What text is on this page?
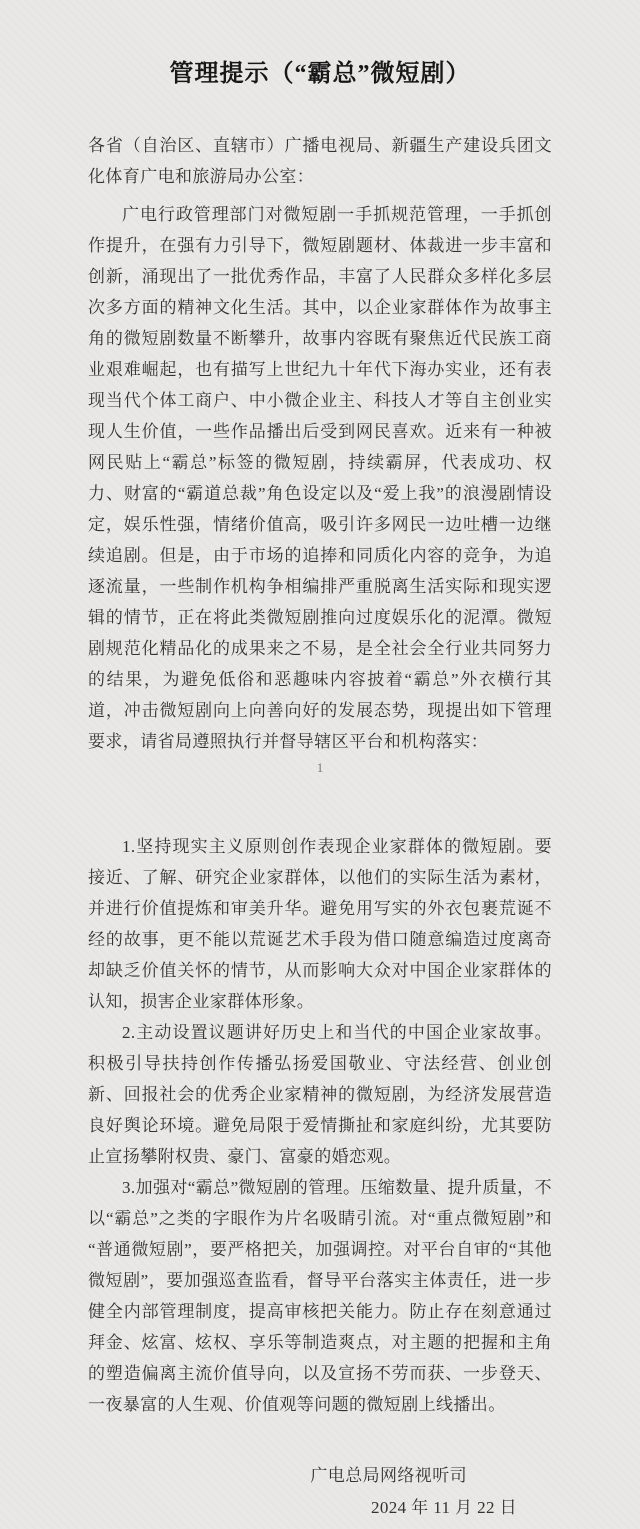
管理提示（“霸总”微短剧）

各省（自治区、直辖市）广播电视局、新疆生产建设兵团文化体育广电和旅游局办公室：

广电行政管理部门对微短剧一手抓规范管理，一手抓创作提升，在强有力引导下，微短剧题材、体裁进一步丰富和创新，涌现出了一批优秀作品，丰富了人民群众多样化多层次多方面的精神文化生活。其中，以企业家群体作为故事主角的微短剧数量不断攀升，故事内容既有聚焦近代民族工商业艰难崛起，也有描写上世纪九十年代下海办实业，还有表现当代个体工商户、中小微企业主、科技人才等自主创业实现人生价值，一些作品播出后受到网民喜欢。近来有一种被网民贴上“霸总”标签的微短剧，持续霸屏，代表成功、权力、财富的“霸道总裁”角色设定以及“爱上我”的浪漫剧情设定，娱乐性强，情绪价值高，吸引许多网民一边吐槽一边继续追剧。但是，由于市场的追捧和同质化内容的竞争，为追逐流量，一些制作机构争相编排严重脱离生活实际和现实逻辑的情节，正在将此类微短剧推向过度娱乐化的泥潭。微短剧规范化精品化的成果来之不易，是全社会全行业共同努力的结果，为避免低俗和恶趣味内容披着“霸总”外衣横行其道，冲击微短剧向上向善向好的发展态势，现提出如下管理要求，请省局遵照执行并督导辖区平台和机构落实：

1

1.坚持现实主义原则创作表现企业家群体的微短剧。要接近、了解、研究企业家群体，以他们的实际生活为素材，并进行价值提炼和审美升华。避免用写实的外衣包裹荒诞不经的故事，更不能以荒诞艺术手段为借口随意编造过度离奇却缺乏价值关怀的情节，从而影响大众对中国企业家群体的认知，损害企业家群体形象。

2.主动设置议题讲好历史上和当代的中国企业家故事。积极引导扶持创作传播弘扬爱国敬业、守法经营、创业创新、回报社会的优秀企业家精神的微短剧，为经济发展营造良好舆论环境。避免局限于爱情撕扯和家庭纠纷，尤其要防止宣扬攀附权贵、豪门、富豪的婚恋观。

3.加强对“霸总”微短剧的管理。压缩数量、提升质量，不以“霸总”之类的字眼作为片名吸睛引流。对“重点微短剧”和“普通微短剧”，要严格把关，加强调控。对平台自审的“其他微短剧”，要加强巡查监看，督导平台落实主体责任，进一步健全内部管理制度，提高审核把关能力。防止存在刻意通过拜金、炫富、炫权、享乐等制造爽点，对主题的把握和主角的塑造偏离主流价值导向，以及宣扬不劳而获、一步登天、一夜暴富的人生观、价值观等问题的微短剧上线播出。

广电总局网络视听司
2024 年 11 月 22 日
